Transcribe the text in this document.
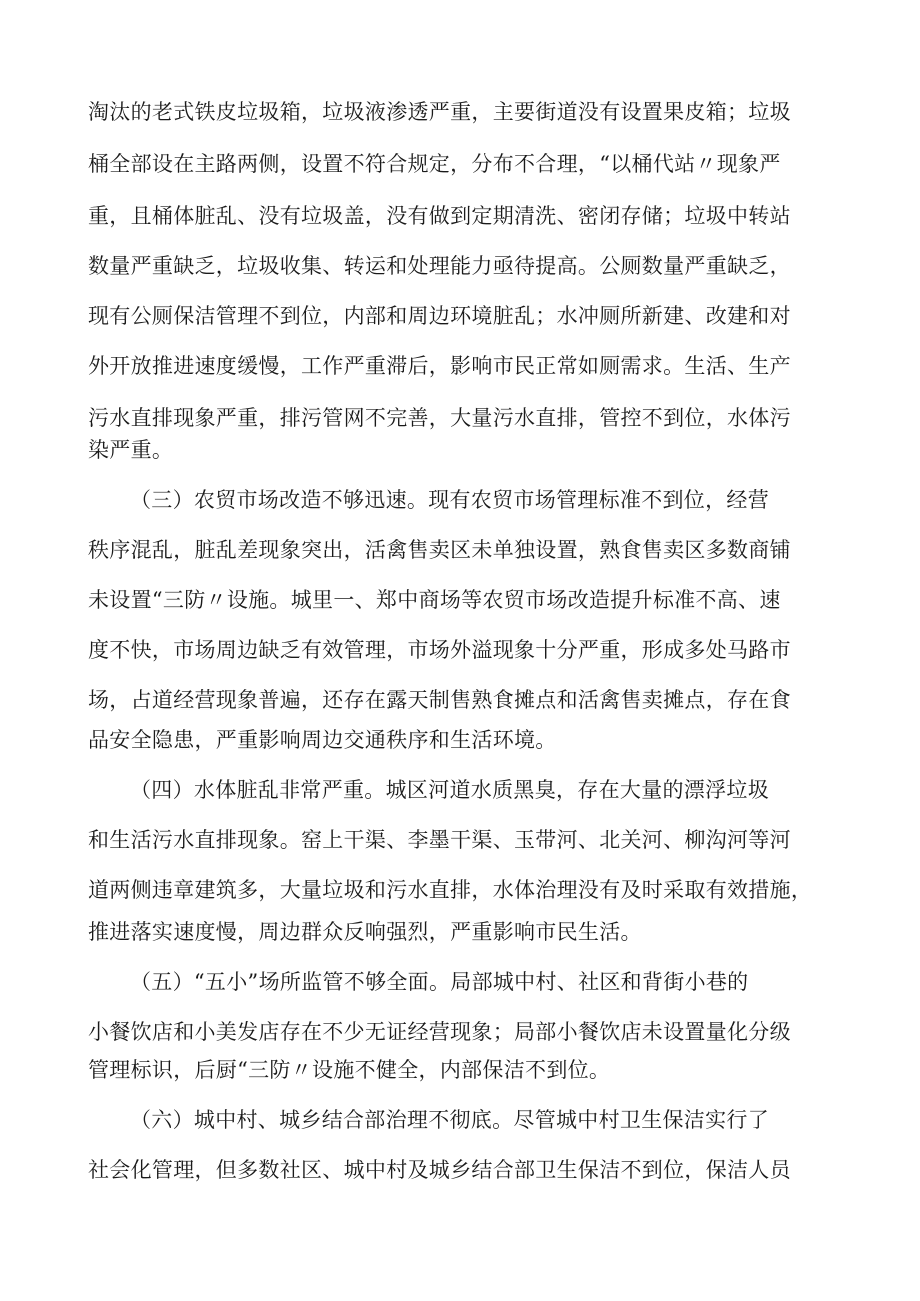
淘汰的老式铁皮垃圾箱，垃圾液渗透严重，主要街道没有设置果皮箱；垃圾
桶全部设在主路两侧，设置不符合规定，分布不合理，“以桶代站〃现象严
重，且桶体脏乱、没有垃圾盖，没有做到定期清洗、密闭存储；垃圾中转站
数量严重缺乏，垃圾收集、转运和处理能力亟待提高。公厕数量严重缺乏，
现有公厕保洁管理不到位，内部和周边环境脏乱；水冲厕所新建、改建和对
外开放推进速度缓慢，工作严重滞后，影响市民正常如厕需求。生活、生产
污水直排现象严重，排污管网不完善，大量污水直排，管控不到位，水体污
染严重。
（三）农贸市场改造不够迅速。现有农贸市场管理标准不到位，经营
秩序混乱，脏乱差现象突出，活禽售卖区未单独设置，熟食售卖区多数商铺
未设置“三防〃设施。城里一、郑中商场等农贸市场改造提升标准不高、速
度不快，市场周边缺乏有效管理，市场外溢现象十分严重，形成多处马路市
场，占道经营现象普遍，还存在露天制售熟食摊点和活禽售卖摊点，存在食
品安全隐患，严重影响周边交通秩序和生活环境。
（四）水体脏乱非常严重。城区河道水质黑臭，存在大量的漂浮垃圾
和生活污水直排现象。窑上干渠、李墨干渠、玉带河、北关河、柳沟河等河
道两侧违章建筑多，大量垃圾和污水直排，水体治理没有及时采取有效措施，
推进落实速度慢，周边群众反响强烈，严重影响市民生活。
（五）“五小”场所监管不够全面。局部城中村、社区和背街小巷的
小餐饮店和小美发店存在不少无证经营现象；局部小餐饮店未设置量化分级
管理标识，后厨“三防〃设施不健全，内部保洁不到位。
（六）城中村、城乡结合部治理不彻底。尽管城中村卫生保洁实行了
社会化管理，但多数社区、城中村及城乡结合部卫生保洁不到位，保洁人员
